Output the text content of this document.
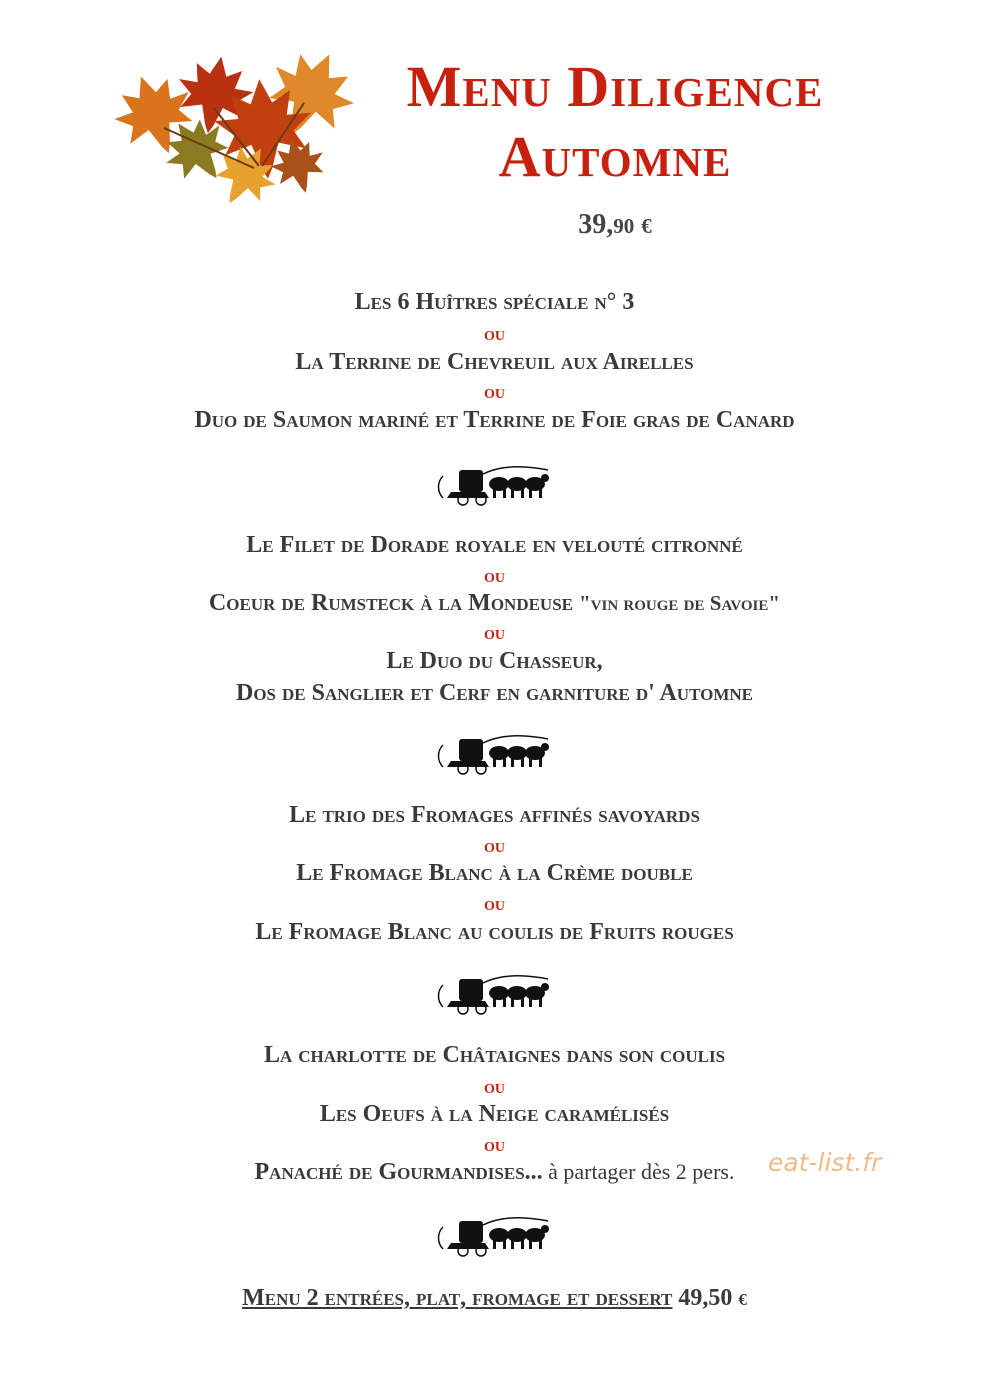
Menu Diligence
Automne
39,90 €
Les 6 Huîtres spéciale n° 3
ou
La Terrine de Chevreuil aux Airelles
ou
Duo de Saumon mariné et Terrine de Foie gras de Canard
Le Filet de Dorade royale en velouté citronné
ou
Coeur de Rumsteck à la Mondeuse "vin rouge de Savoie"
ou
Le Duo du Chasseur,
Dos de Sanglier et Cerf en garniture d' Automne
Le trio des Fromages affinés savoyards
ou
Le Fromage Blanc à la Crème double
ou
Le Fromage Blanc au coulis de Fruits rouges
La charlotte de Châtaignes dans son coulis
ou
Les Oeufs à la Neige caramélisés
ou
Panaché de Gourmandises... à partager dès 2 pers.	eat-list.fr
Menu 2 entrées, plat, fromage et dessert 49,50 €
